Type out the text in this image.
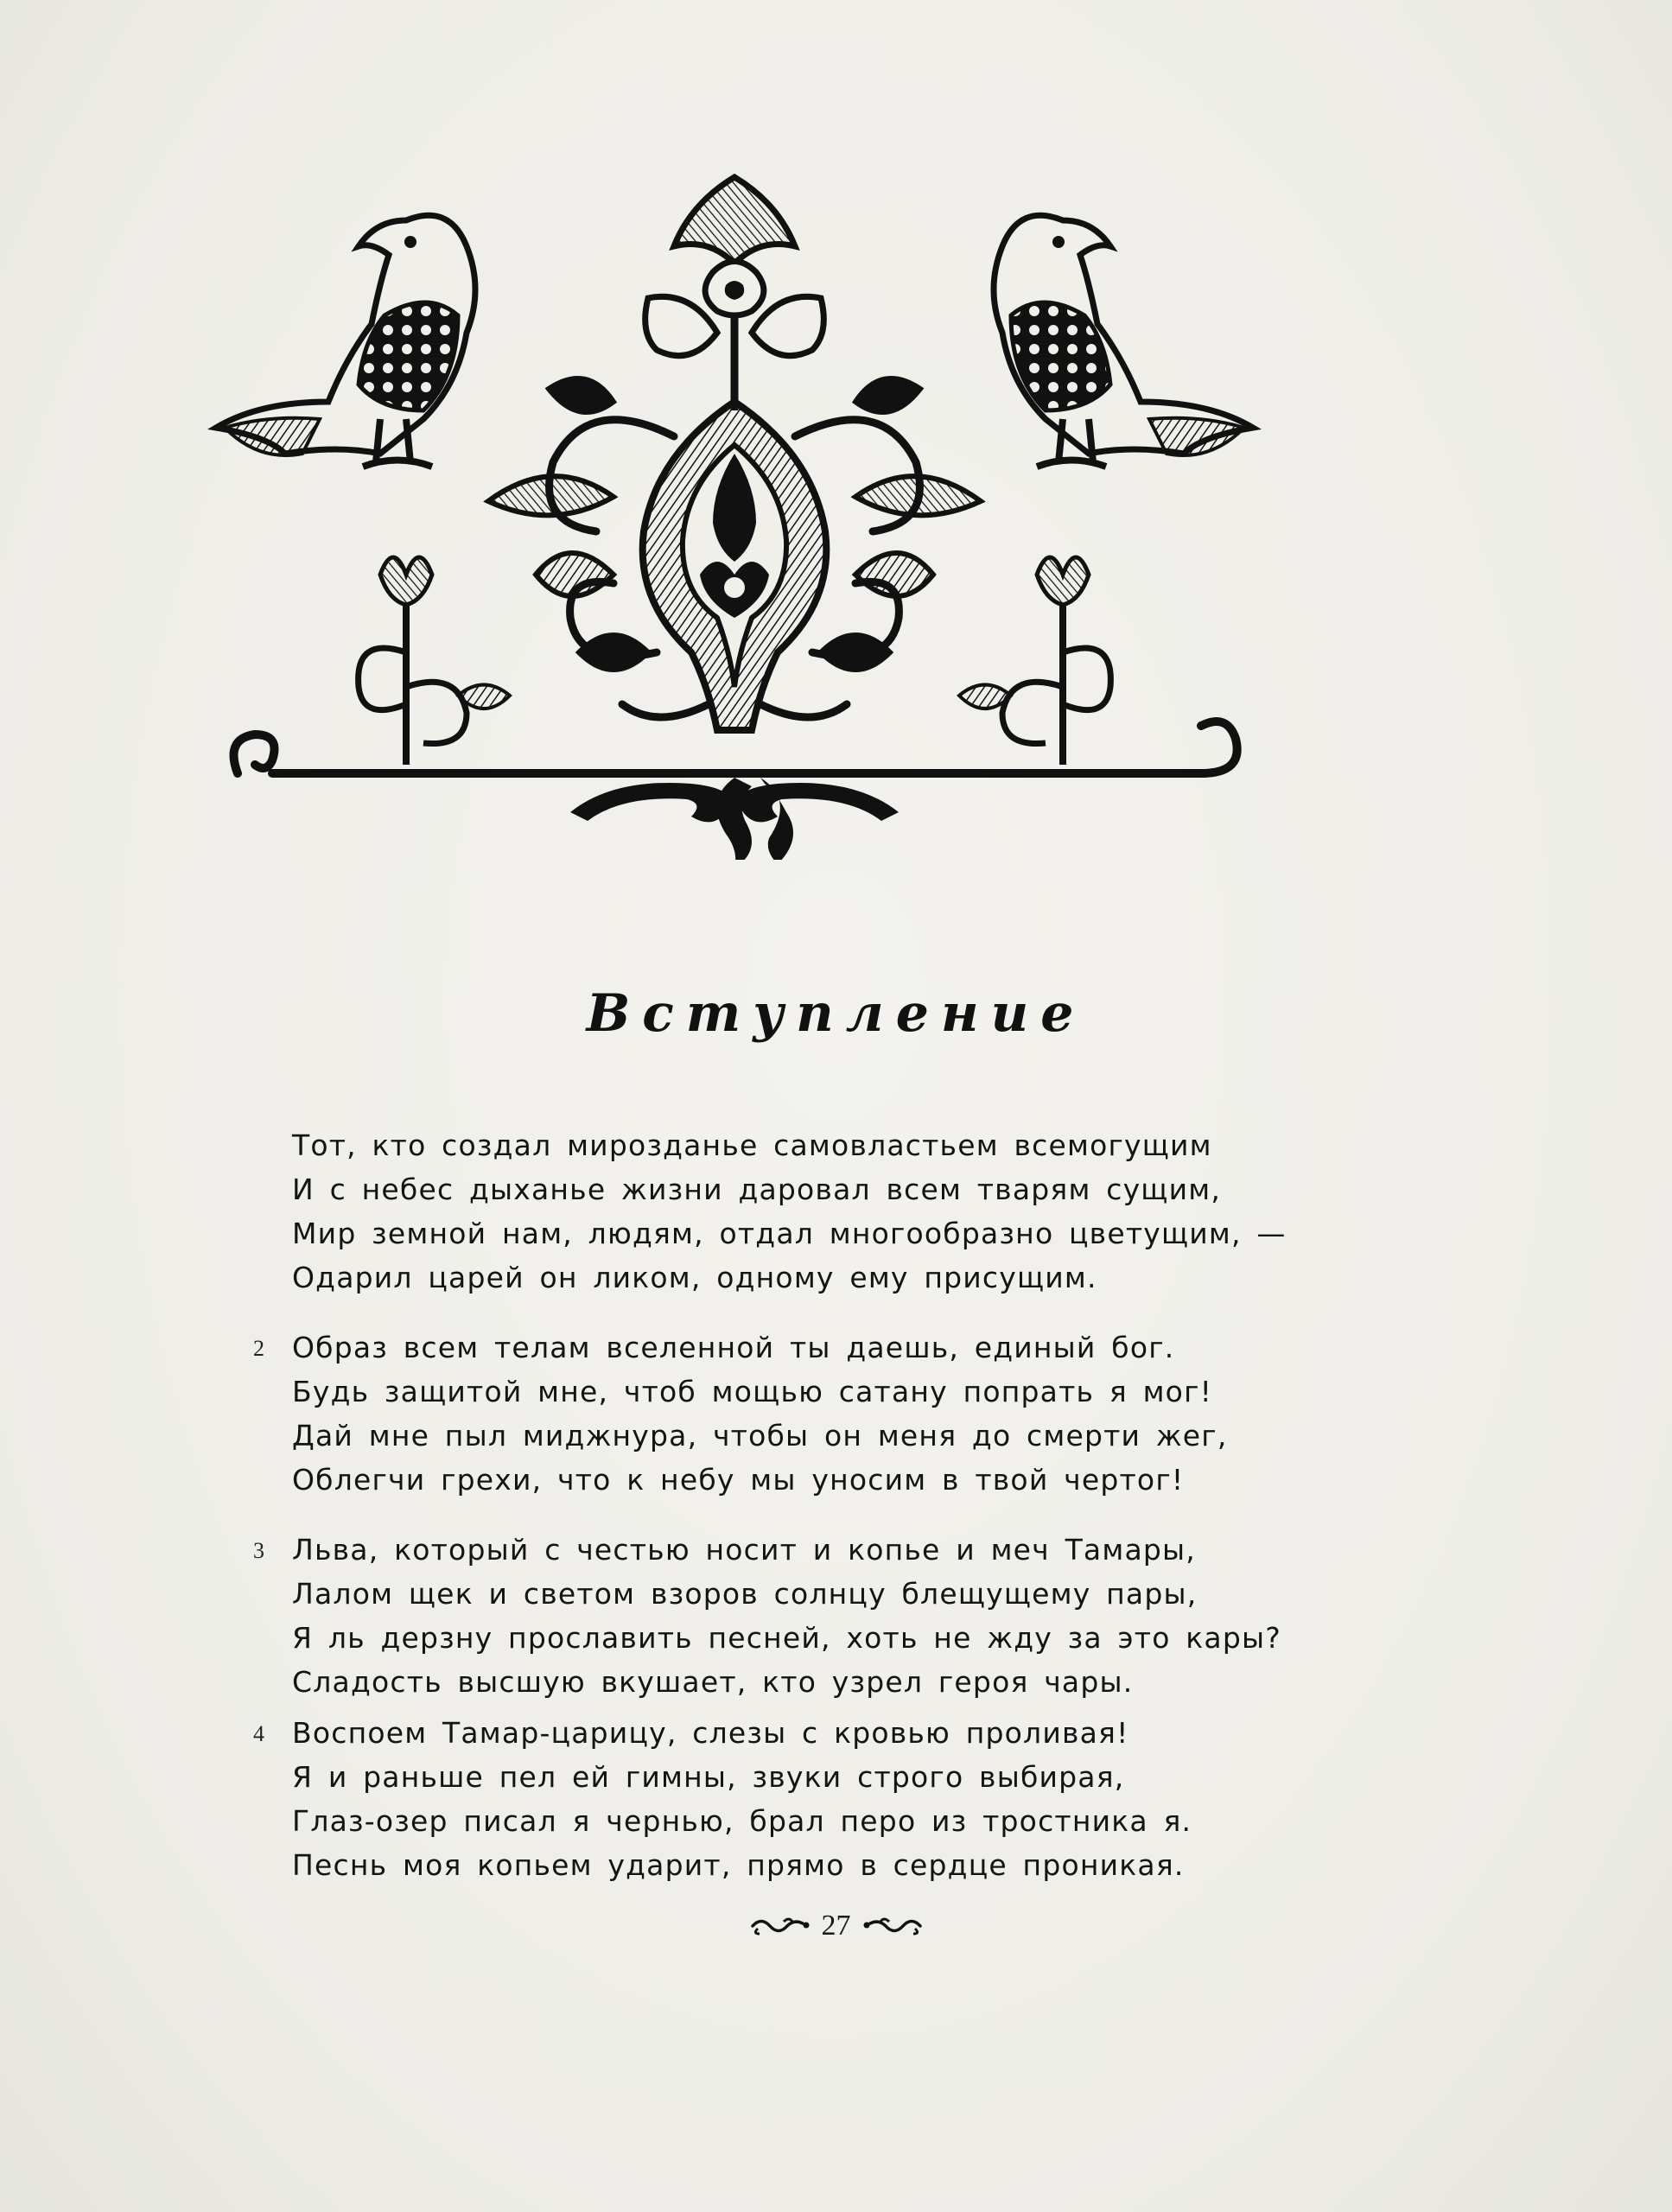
Вступление
Тот, кто создал мирозданье самовластьем всемогущим
И с небес дыханье жизни даровал всем тварям сущим,
Мир земной нам, людям, отдал многообразно цветущим, —
Одарил царей он ликом, одному ему присущим.
2 Образ всем телам вселенной ты даешь, единый бог.
Будь защитой мне, чтоб мощью сатану попрать я мог!
Дай мне пыл миджнура, чтобы он меня до смерти жег,
Облегчи грехи, что к небу мы уносим в твой чертог!
3 Льва, который с честью носит и копье и меч Тамары,
Лалом щек и светом взоров солнцу блещущему пары,
Я ль дерзну прославить песней, хоть не жду за это кары?
Сладость высшую вкушает, кто узрел героя чары.
4 Воспоем Тамар-царицу, слезы с кровью проливая!
Я и раньше пел ей гимны, звуки строго выбирая,
Глаз-озер писал я чернью, брал перо из тростника я.
Песнь моя копьем ударит, прямо в сердце проникая.
27
